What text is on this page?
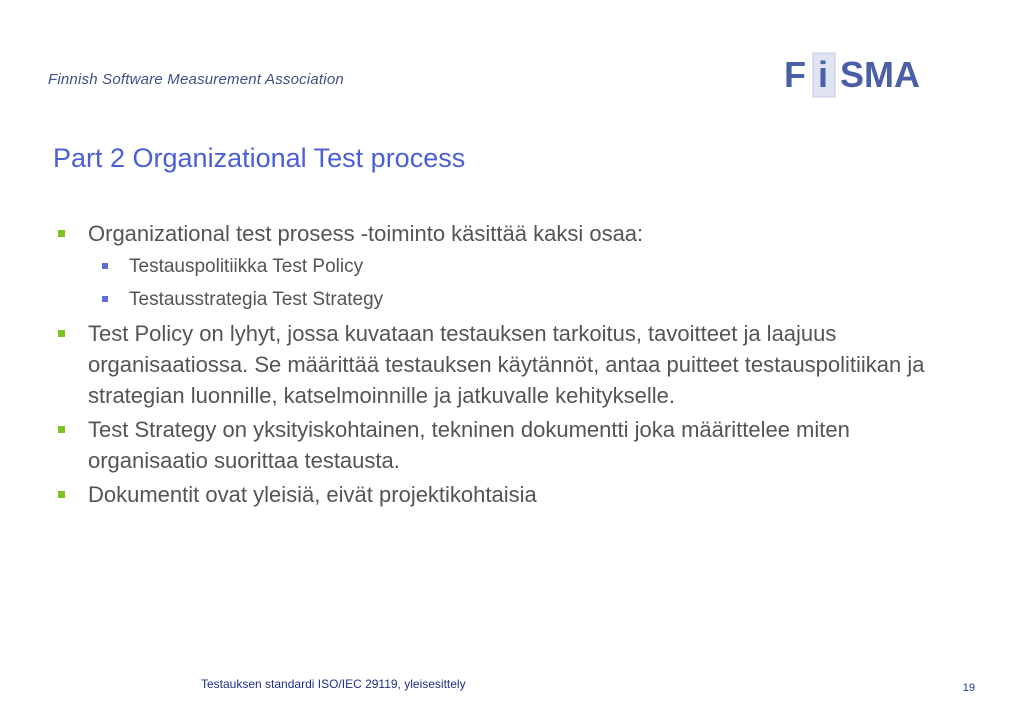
Finnish Software Measurement Association	F i SMA
Part 2 Organizational Test process
Organizational test prosess -toiminto käsittää kaksi osaa:
Testauspolitiikka Test Policy
Testausstrategia Test Strategy
Test Policy on lyhyt, jossa kuvataan testauksen tarkoitus, tavoitteet ja laajuus organisaatiossa. Se määrittää testauksen käytännöt, antaa puitteet testauspolitiikan ja strategian luonnille, katselmoinnille ja jatkuvalle kehitykselle.
Test Strategy on yksityiskohtainen, tekninen dokumentti joka määrittelee miten organisaatio suorittaa testausta.
Dokumentit ovat yleisiä, eivät projektikohtaisia
Testauksen standardi ISO/IEC 29119, yleisesittely	19
